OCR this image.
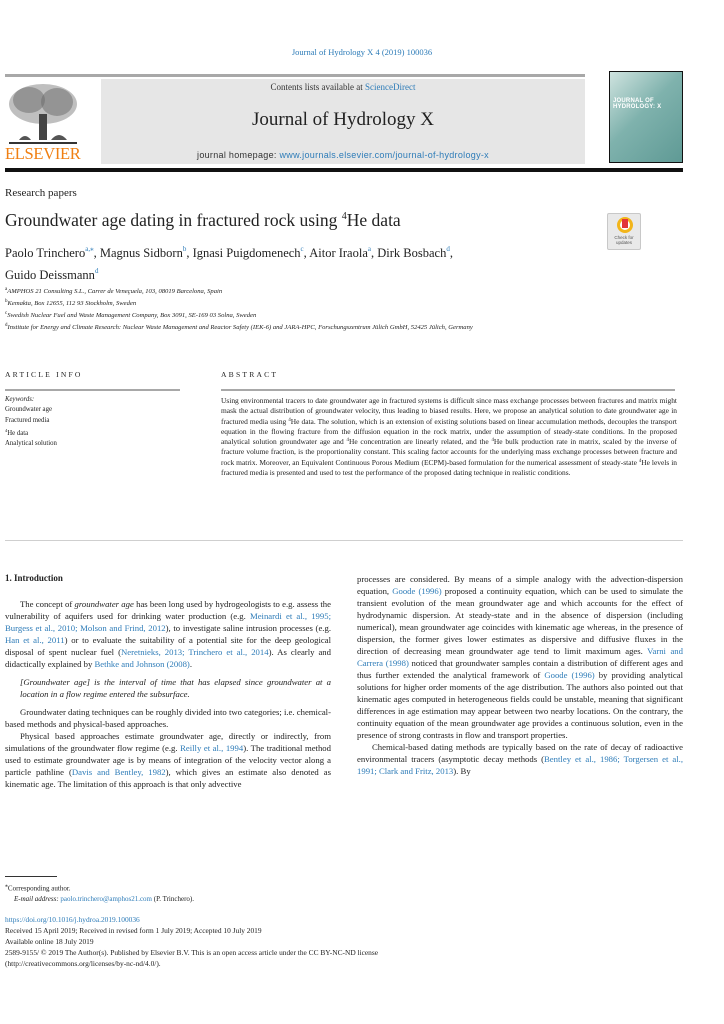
Journal of Hydrology X 4 (2019) 100036
ELSEVIER
Contents lists available at ScienceDirect
Journal of Hydrology X
journal homepage: www.journals.elsevier.com/journal-of-hydrology-x
JOURNAL OF HYDROLOGY: X
Research papers
Groundwater age dating in fractured rock using $^4$He data
Check for updates
Paolo Trinchero$^{a,⁎}$, Magnus Sidborn$^b$, Ignasi Puigdomenech$^c$, Aitor Iraola$^a$, Dirk Bosbach$^d$,
Guido Deissmann$^d$
$^a$AMPHOS 21 Consulting S.L., Carrer de Veneçuela, 103, 08019 Barcelona, Spain
$^b$Kemakta, Box 12655, 112 93 Stockholm, Sweden
$^c$Swedish Nuclear Fuel and Waste Management Company, Box 3091, SE-169 03 Solna, Sweden
$^d$Institute for Energy and Climate Research: Nuclear Waste Management and Reactor Safety (IEK-6) and JARA-HPC, Forschungszentrum Jülich GmbH, 52425 Jülich, Germany
ARTICLE INFO
Keywords:
Groundwater age
Fractured media
$^4$He data
Analytical solution
ABSTRACT
Using environmental tracers to date groundwater age in fractured systems is difficult since mass exchange processes between fractures and matrix might mask the actual distribution of groundwater velocity, thus leading to biased results. Here, we propose an analytical solution to date groundwater age in fractured media using $^4$He data. The solution, which is an extension of existing solutions based on linear accumulation methods, decouples the transport equation in the flowing fracture from the diffusion equation in the rock matrix, under the assumption of steady-state conditions. In the proposed analytical solution groundwater age and $^4$He concentration are linearly related, and the $^4$He bulk production rate in matrix, scaled by the inverse of fracture volume fraction, is the proportionality constant. This scaling factor accounts for the underlying mass exchange processes between fracture and rock matrix. Moreover, an Equivalent Continuous Porous Medium (ECPM)-based formulation for the numerical assessment of steady-state $^4$He levels in fractured media is presented and used to test the performance of the proposed dating technique in realistic conditions.
1. Introduction

The concept of groundwater age has been long used by hydrogeologists to e.g. assess the vulnerability of aquifers used for drinking water production (e.g. Meinardi et al., 1995; Burgess et al., 2010; Molson and Frind, 2012), to investigate saline intrusion processes (e.g. Han et al., 2011) or to evaluate the suitability of a potential site for the deep geological disposal of spent nuclear fuel (Neretnieks, 2013; Trinchero et al., 2014). As clearly and didactically explained by Bethke and Johnson (2008).

[Groundwater age] is the interval of time that has elapsed since groundwater at a location in a flow regime entered the subsurface.

Groundwater dating techniques can be roughly divided into two categories; i.e. chemical-based methods and physical-based approaches.

Physical based approaches estimate groundwater age, directly or indirectly, from simulations of the groundwater flow regime (e.g. Reilly et al., 1994). The traditional method used to estimate groundwater age is by means of integration of the velocity vector along a particle pathline (Davis and Bentley, 1982), which gives an estimate also denoted as kinematic age. The limitation of this approach is that only advective

processes are considered. By means of a simple analogy with the advection-dispersion equation, Goode (1996) proposed a continuity equation, which can be used to simulate the transient evolution of the mean groundwater age and which accounts for the effect of hydrodynamic dispersion. At steady-state and in the absence of dispersion (including numerical), mean groundwater age coincides with kinematic age whereas, in the presence of dispersion, the former gives lower estimates as dispersive and diffusive fluxes in the direction of decreasing mean groundwater age tend to limit maximum ages. Varni and Carrera (1998) noticed that groundwater samples contain a distribution of different ages and thus further extended the analytical framework of Goode (1996) by providing analytical solutions for higher order moments of the age distribution. The authors also pointed out that kinematic ages computed in heterogeneous fields could be unstable, meaning that significant differences in age estimation may appear between two nearby locations. On the contrary, the continuity equation of the mean groundwater age provides a continuous solution, even in the presence of strong contrasts in flow and transport properties.

Chemical-based dating methods are typically based on the rate of decay of radioactive environmental tracers (asymptotic decay methods (Bentley et al., 1986; Torgersen et al., 1991; Clark and Fritz, 2013). By

⁎Corresponding author.
E-mail address: paolo.trinchero@amphos21.com (P. Trinchero).
https://doi.org/10.1016/j.hydroa.2019.100036
Received 15 April 2019; Received in revised form 1 July 2019; Accepted 10 July 2019
Available online 18 July 2019
2589-9155/ © 2019 The Author(s). Published by Elsevier B.V. This is an open access article under the CC BY-NC-ND license
(http://creativecommons.org/licenses/by-nc-nd/4.0/).
